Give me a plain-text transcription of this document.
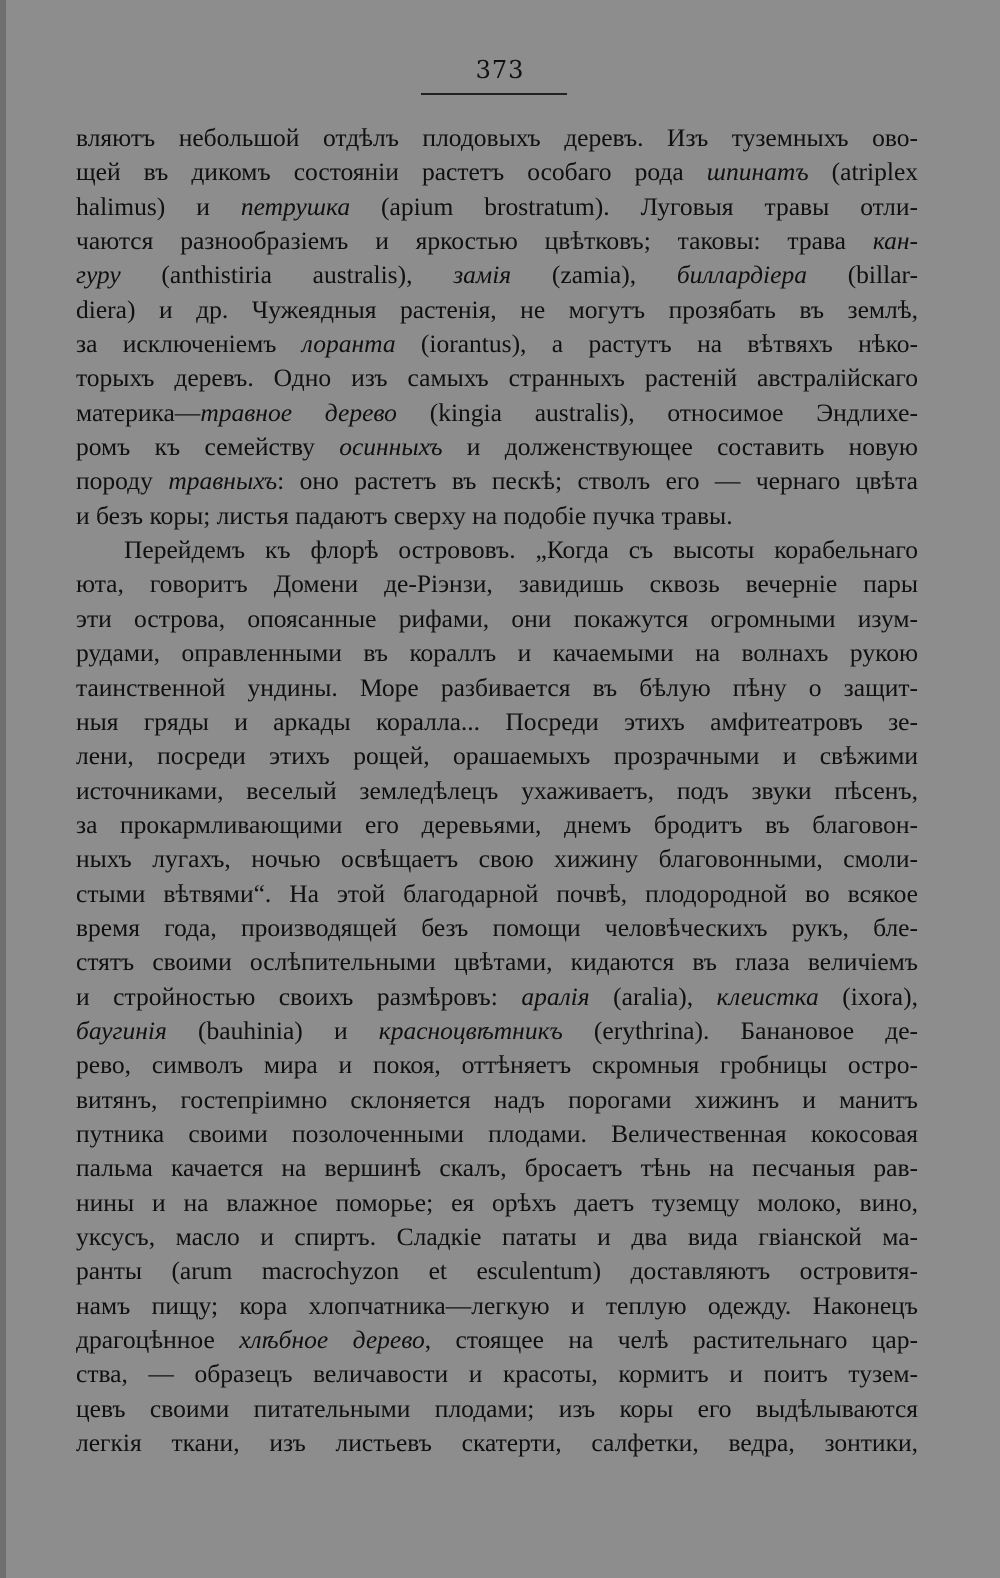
373
вляютъ небольшой отдѣлъ плодовыхъ деревъ. Изъ туземныхъ ово-
щей въ дикомъ состояніи растетъ особаго рода шпинатъ (atriplex
halimus) и петрушка (apium brostratum). Луговыя травы отли-
чаются разнообразіемъ и яркостью цвѣтковъ; таковы: трава кан-
гуру (anthistiria australis), замія (zamia), биллардіера (billar-
diera) и др. Чужеядныя растенія, не могутъ прозябать въ землѣ,
за исключеніемъ лоранта (iorantus), а растутъ на вѣтвяхъ нѣко-
торыхъ деревъ. Одно изъ самыхъ странныхъ растеній австралійскаго
материка—травное дерево (kingia australis), относимое Эндлихе-
ромъ къ семейству осинныхъ и долженствующее составить новую
породу травныхъ: оно растетъ въ пескѣ; стволъ его — чернаго цвѣта
и безъ коры; листья падаютъ сверху на подобіе пучка травы.
Перейдемъ къ флорѣ острововъ. „Когда съ высоты корабельнаго
юта, говоритъ Домени де-Ріэнзи, завидишь сквозь вечерніе пары
эти острова, опоясанные рифами, они покажутся огромными изум-
рудами, оправленными въ кораллъ и качаемыми на волнахъ рукою
таинственной ундины. Море разбивается въ бѣлую пѣну о защит-
ныя гряды и аркады коралла... Посреди этихъ амфитеатровъ зе-
лени, посреди этихъ рощей, орашаемыхъ прозрачными и свѣжими
источниками, веселый земледѣлецъ ухаживаетъ, подъ звуки пѣсенъ,
за прокармливающими его деревьями, днемъ бродитъ въ благовон-
ныхъ лугахъ, ночью освѣщаетъ свою хижину благовонными, смоли-
стыми вѣтвями“. На этой благодарной почвѣ, плодородной во всякое
время года, производящей безъ помощи человѣческихъ рукъ, бле-
стятъ своими ослѣпительными цвѣтами, кидаются въ глаза величіемъ
и стройностью своихъ размѣровъ: аралія (aralia), клеистка (ixora),
баугинія (bauhinia) и красноцвѣтникъ (erythrina). Банановое де-
рево, символъ мира и покоя, оттѣняетъ скромныя гробницы остро-
витянъ, гостепріимно склоняется надъ порогами хижинъ и манитъ
путника своими позолоченными плодами. Величественная кокосовая
пальма качается на вершинѣ скалъ, бросаетъ тѣнь на песчаныя рав-
нины и на влажное поморье; ея орѣхъ даетъ туземцу молоко, вино,
уксусъ, масло и спиртъ. Сладкіе пататы и два вида гвіанской ма-
ранты (arum macrochyzon et esculentum) доставляютъ островитя-
намъ пищу; кора хлопчатника—легкую и теплую одежду. Наконецъ
драгоцѣнное хлѣбное дерево, стоящее на челѣ растительнаго цар-
ства, — образецъ величавости и красоты, кормитъ и поитъ тузем-
цевъ своими питательными плодами; изъ коры его выдѣлываются
легкія ткани, изъ листьевъ скатерти, салфетки, ведра, зонтики,
